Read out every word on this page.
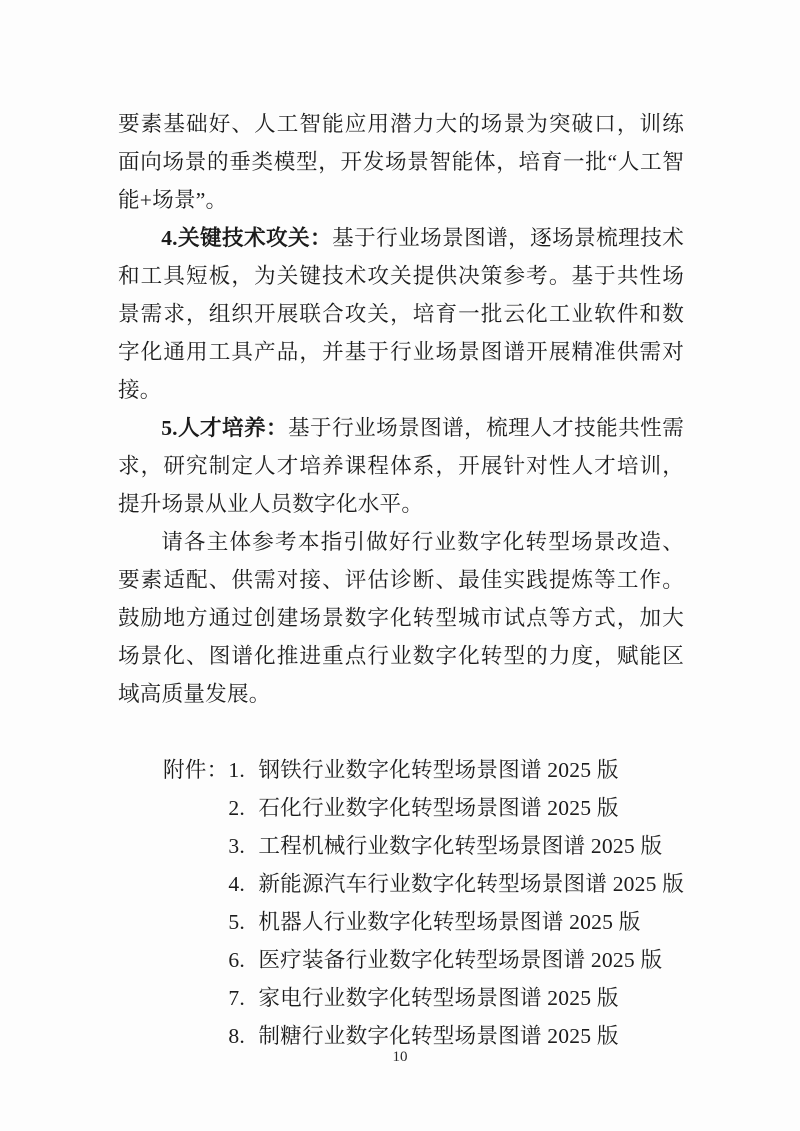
要素基础好、人工智能应用潜力大的场景为突破口，训练面向场景的垂类模型，开发场景智能体，培育一批“人工智能+场景”。

4.关键技术攻关：基于行业场景图谱，逐场景梳理技术和工具短板，为关键技术攻关提供决策参考。基于共性场景需求，组织开展联合攻关，培育一批云化工业软件和数字化通用工具产品，并基于行业场景图谱开展精准供需对接。

5.人才培养：基于行业场景图谱，梳理人才技能共性需求，研究制定人才培养课程体系，开展针对性人才培训，提升场景从业人员数字化水平。

请各主体参考本指引做好行业数字化转型场景改造、要素适配、供需对接、评估诊断、最佳实践提炼等工作。鼓励地方通过创建场景数字化转型城市试点等方式，加大场景化、图谱化推进重点行业数字化转型的力度，赋能区域高质量发展。

附件： 1. 钢铁行业数字化转型场景图谱 2025 版
2. 石化行业数字化转型场景图谱 2025 版
3. 工程机械行业数字化转型场景图谱 2025 版
4. 新能源汽车行业数字化转型场景图谱 2025 版
5. 机器人行业数字化转型场景图谱 2025 版
6. 医疗装备行业数字化转型场景图谱 2025 版
7. 家电行业数字化转型场景图谱 2025 版
8. 制糖行业数字化转型场景图谱 2025 版
10
